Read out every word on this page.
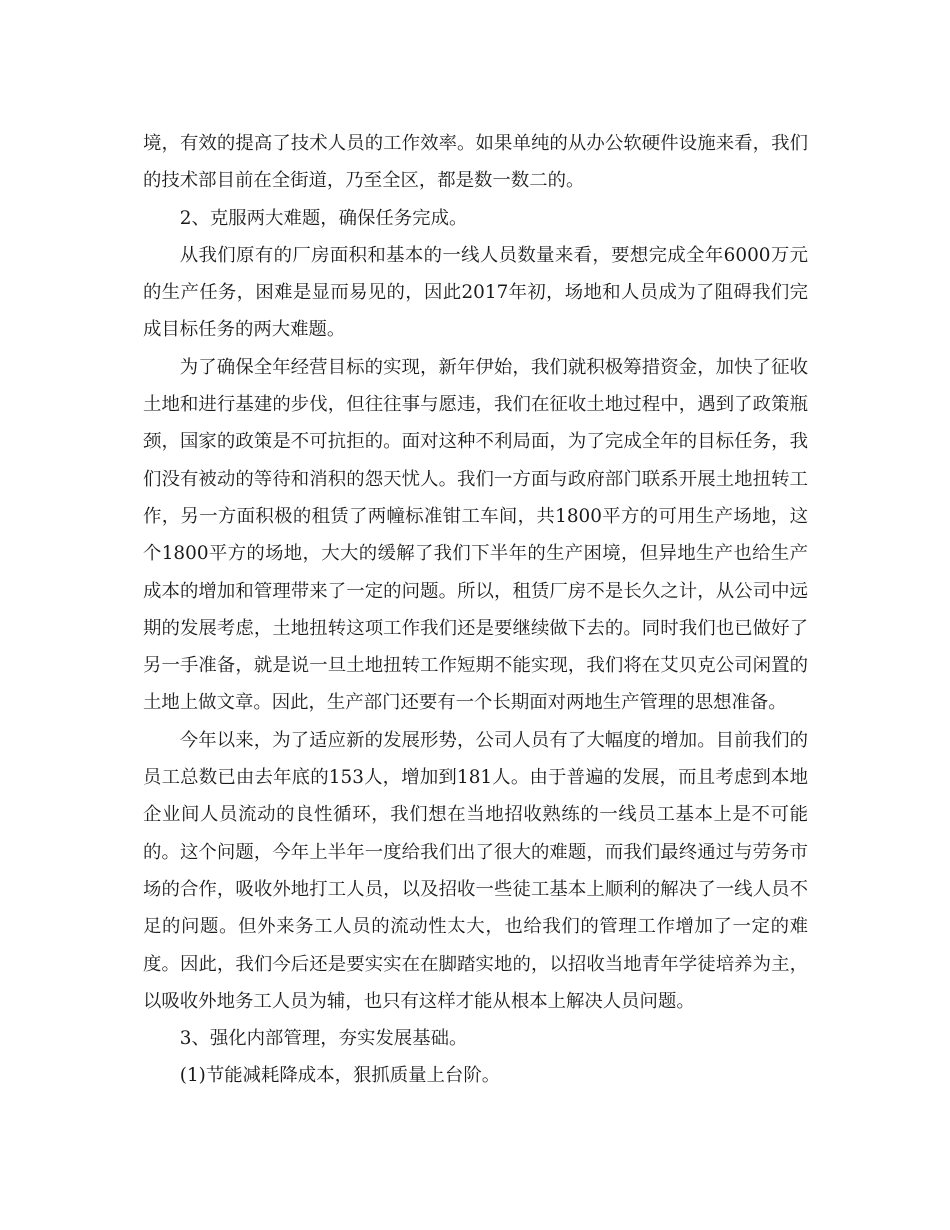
境，有效的提高了技术人员的工作效率。如果单纯的从办公软硬件设施来看，我们的技术部目前在全街道，乃至全区，都是数一数二的。

2、克服两大难题，确保任务完成。

从我们原有的厂房面积和基本的一线人员数量来看，要想完成全年6000万元的生产任务，困难是显而易见的，因此2017年初，场地和人员成为了阻碍我们完成目标任务的两大难题。

为了确保全年经营目标的实现，新年伊始，我们就积极筹措资金，加快了征收土地和进行基建的步伐，但往往事与愿违，我们在征收土地过程中，遇到了政策瓶颈，国家的政策是不可抗拒的。面对这种不利局面，为了完成全年的目标任务，我们没有被动的等待和消积的怨天忧人。我们一方面与政府部门联系开展土地扭转工作，另一方面积极的租赁了两幢标准钳工车间，共1800平方的可用生产场地，这个1800平方的场地，大大的缓解了我们下半年的生产困境，但异地生产也给生产成本的增加和管理带来了一定的问题。所以，租赁厂房不是长久之计，从公司中远期的发展考虑，土地扭转这项工作我们还是要继续做下去的。同时我们也已做好了另一手准备，就是说一旦土地扭转工作短期不能实现，我们将在艾贝克公司闲置的土地上做文章。因此，生产部门还要有一个长期面对两地生产管理的思想准备。

今年以来，为了适应新的发展形势，公司人员有了大幅度的增加。目前我们的员工总数已由去年底的153人，增加到181人。由于普遍的发展，而且考虑到本地企业间人员流动的良性循环，我们想在当地招收熟练的一线员工基本上是不可能的。这个问题，今年上半年一度给我们出了很大的难题，而我们最终通过与劳务市场的合作，吸收外地打工人员，以及招收一些徒工基本上顺利的解决了一线人员不足的问题。但外来务工人员的流动性太大，也给我们的管理工作增加了一定的难度。因此，我们今后还是要实实在在脚踏实地的，以招收当地青年学徒培养为主，以吸收外地务工人员为辅，也只有这样才能从根本上解决人员问题。

3、强化内部管理，夯实发展基础。

(1)节能减耗降成本，狠抓质量上台阶。
